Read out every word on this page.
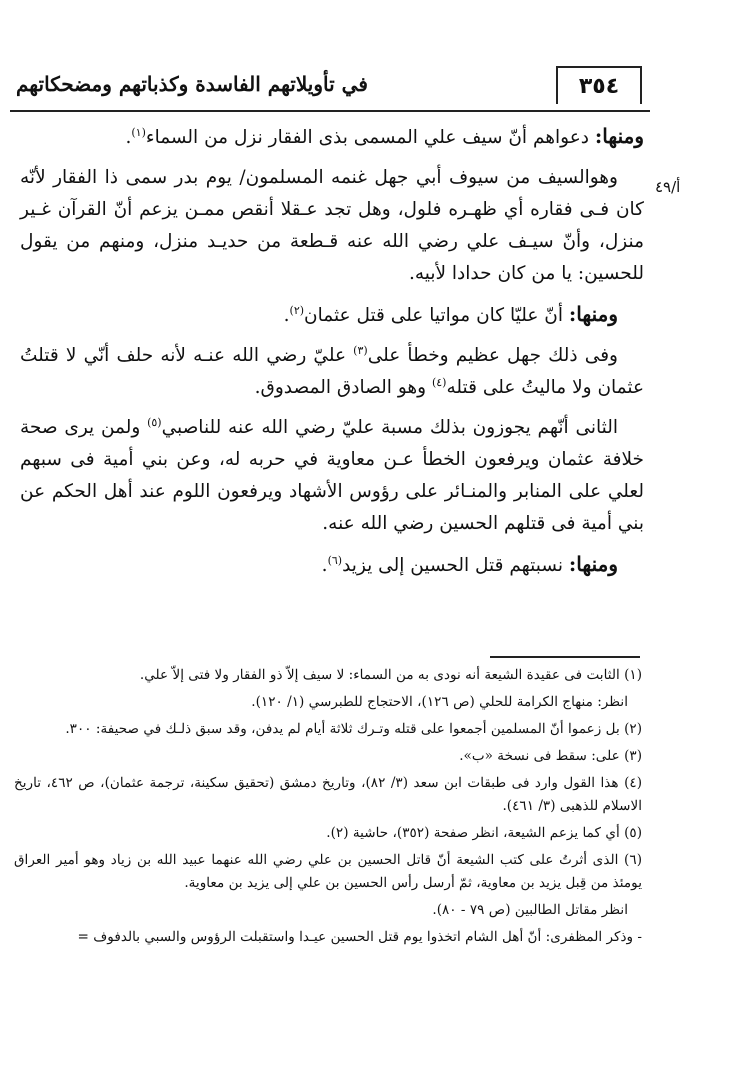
في تأويلاتهم الفاسدة وكذباتهم ومضحكاتهم	٣٥٤
أ/٤٩

ومنها: دعواهم أنّ سيف علي المسمى بذى الفقار نزل من السماء$^{(١)}$.

وهوالسيف من سيوف أبي جهل غنمه المسلمون/ يوم بدر سمى ذا الفقار لأنّه كان فـى فقاره أي ظهـره فلول، وهل تجد عـقلا أنقص ممـن يزعم أنّ القرآن غـير منزل، وأنّ سيـف علي رضي الله عنه قـطعة من حديـد منزل، ومنهم من يقول للحسين: يا من كان حدادا لأبيه.

ومنها: أنّ عليّا كان مواتيا على قتل عثمان$^{(٢)}$.

وفى ذلك جهل عظيم وخطأ على$^{(٣)}$ عليّ رضي الله عنـه لأنه حلف أنّي لا قتلتُ عثمان ولا ماليتُ على قتله$^{(٤)}$ وهو الصادق المصدوق.

الثانى أنّهم يجوزون بذلك مسبة عليّ رضي الله عنه للناصبي$^{(٥)}$ ولمن يرى صحة خلافة عثمان ويرفعون الخطأ عـن معاوية في حربه له، وعن بني أمية فى سبهم لعلي على المنابر والمنـائر على رؤوس الأشهاد ويرفعون اللوم عند أهل الحكم عن بني أمية فى قتلهم الحسين رضي الله عنه.

ومنها: نسبتهم قتل الحسين إلى يزيد$^{(٦)}$.

(١) الثابت فى عقيدة الشيعة أنه نودى به من السماء: لا سيف إلاّ ذو الفقار ولا فتى إلاّ علي.

انظر: منهاج الكرامة للحلي (ص ١٢٦)، الاحتجاج للطبرسي (١/ ١٢٠).

(٢) بل زعموا أنّ المسلمين أجمعوا على قتله وتـرك ثلاثة أيام لم يدفن، وقد سبق ذلـك في صحيفة: ٣٠٠.

(٣) على: سقط فى نسخة «ب».

(٤) هذا القول وارد فى طبقات ابن سعد (٣/ ٨٢)، وتاريخ دمشق (تحقيق سكينة، ترجمة عثمان)، ص ٤٦٢، تاريخ الاسلام للذهبى (٣/ ٤٦١).

(٥) أي كما يزعم الشيعة، انظر صفحة (٣٥٢)، حاشية (٢).

(٦) الذى أثرتُ على كتب الشيعة أنّ قاتل الحسين بن علي رضي الله عنهما عبيد الله بن زياد وهو أمير العراق يومئذ من قِبل يزيد بن معاوية، ثمّ أرسل رأس الحسين بن علي إلى يزيد بن معاوية.

انظر مقاتل الطالبين (ص ٧٩ - ٨٠).

- وذكر المظفرى: أنّ أهل الشام اتخذوا يوم قتل الحسين عيـدا واستقبلت الرؤوس والسبي بالدفوف =
